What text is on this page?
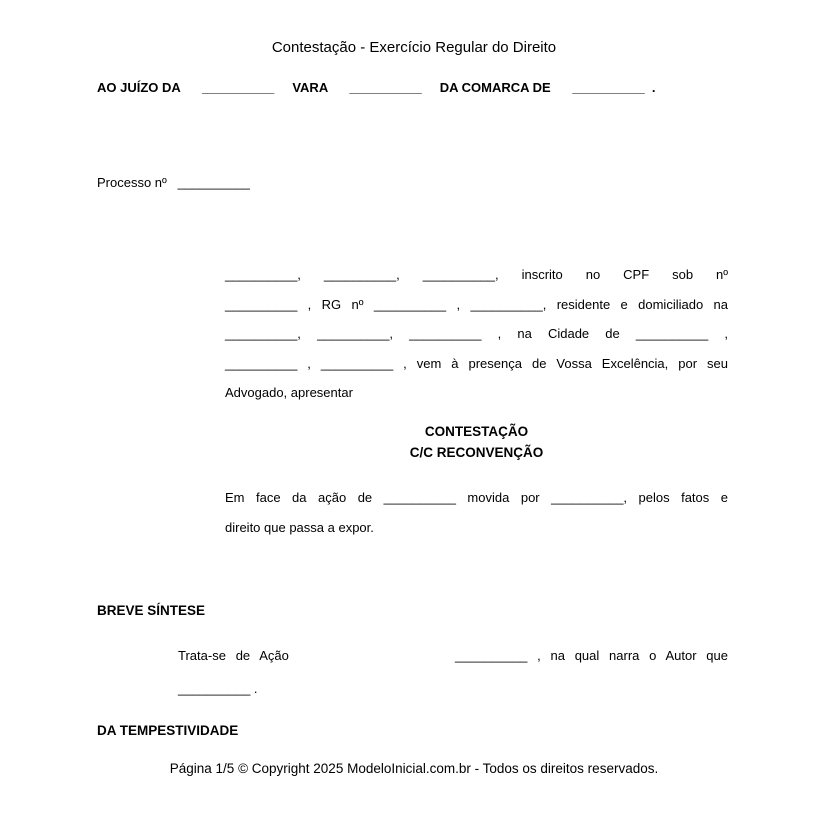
Contestação - Exercício Regular do Direito
AO JUÍZO DA      __________     VARA      __________     DA COMARCA DE      __________  .
Processo nº   __________
__________, __________, __________, inscrito no CPF sob nº
__________ , RG nº __________ , __________, residente e domiciliado na
__________, __________, __________ , na Cidade de __________ ,
__________ , __________ , vem à presença de Vossa Excelência, por seu
Advogado, apresentar
CONTESTAÇÃO
C/C RECONVENÇÃO
Em face da ação de __________ movida por __________, pelos fatos e
direito que passa a expor.
BREVE SÍNTESE
Trata-se de Ação                 __________ , na qual narra o Autor que
__________ .
DA TEMPESTIVIDADE
Página 1/5 © Copyright 2025 ModeloInicial.com.br - Todos os direitos reservados.
